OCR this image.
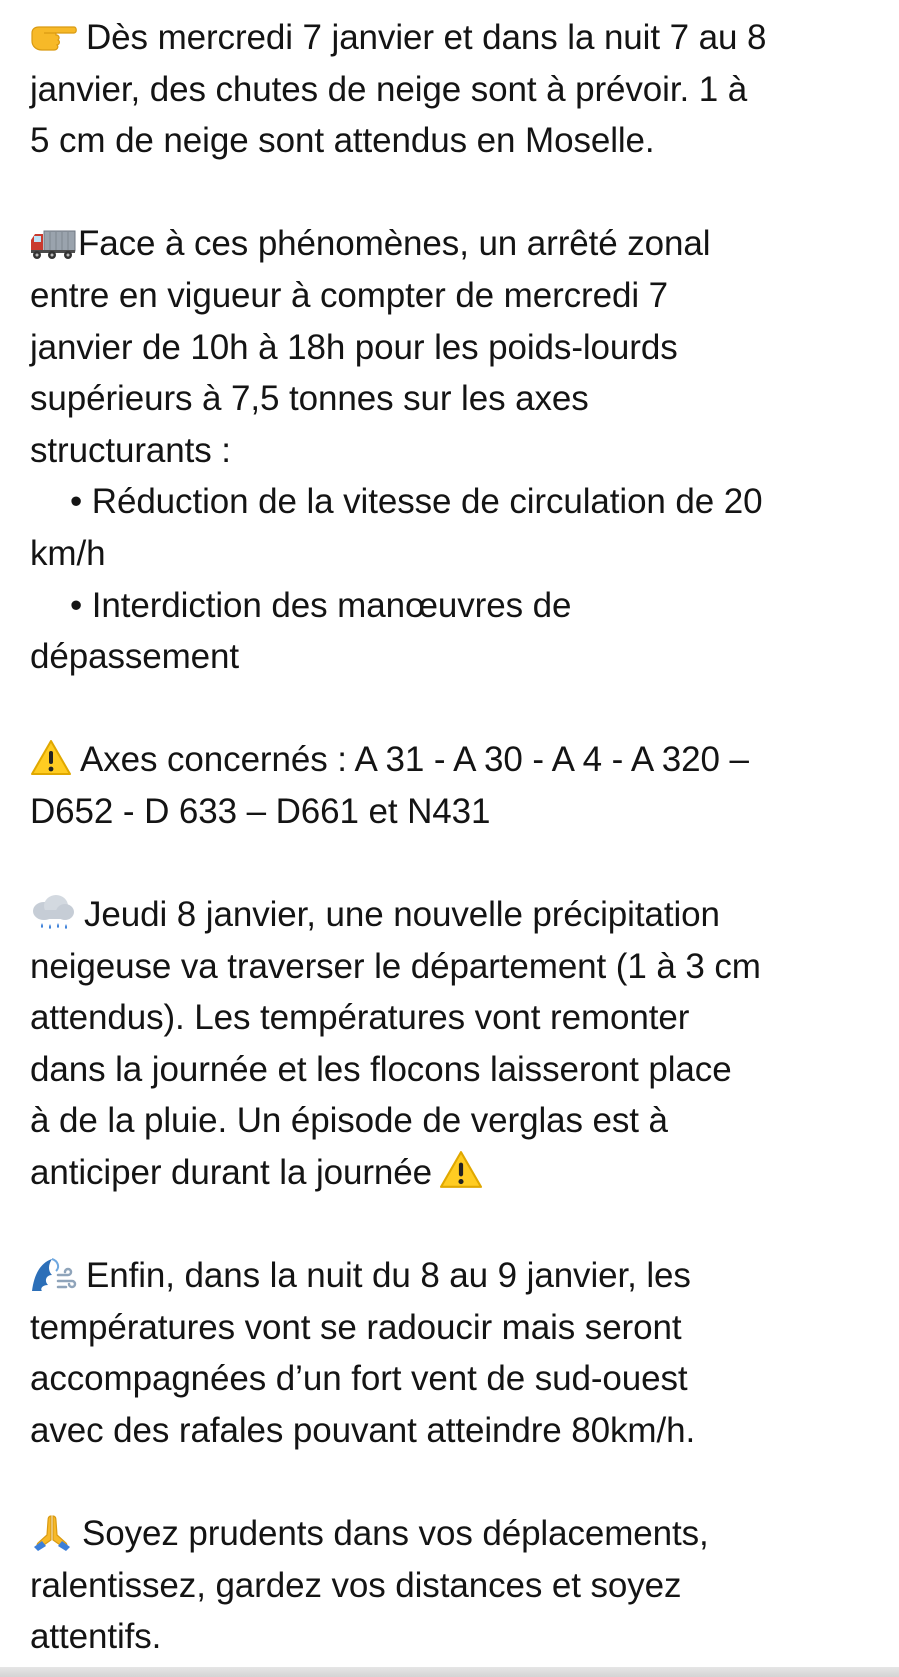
Dès mercredi 7 janvier et dans la nuit 7 au 8
janvier, des chutes de neige sont à prévoir. 1 à
5 cm de neige sont attendus en Moselle.

Face à ces phénomènes, un arrêté zonal
entre en vigueur à compter de mercredi 7
janvier de 10h à 18h pour les poids-lourds
supérieurs à 7,5 tonnes sur les axes
structurants :
• Réduction de la vitesse de circulation de 20
km/h
• Interdiction des manœuvres de
dépassement

Axes concernés : A 31 - A 30 - A 4 - A 320 –
D652 - D 633 – D661 et N431

Jeudi 8 janvier, une nouvelle précipitation
neigeuse va traverser le département (1 à 3 cm
attendus). Les températures vont remonter
dans la journée et les flocons laisseront place
à de la pluie. Un épisode de verglas est à
anticiper durant la journée

Enfin, dans la nuit du 8 au 9 janvier, les
températures vont se radoucir mais seront
accompagnées d’un fort vent de sud-ouest
avec des rafales pouvant atteindre 80km/h.

Soyez prudents dans vos déplacements,
ralentissez, gardez vos distances et soyez
attentifs.
